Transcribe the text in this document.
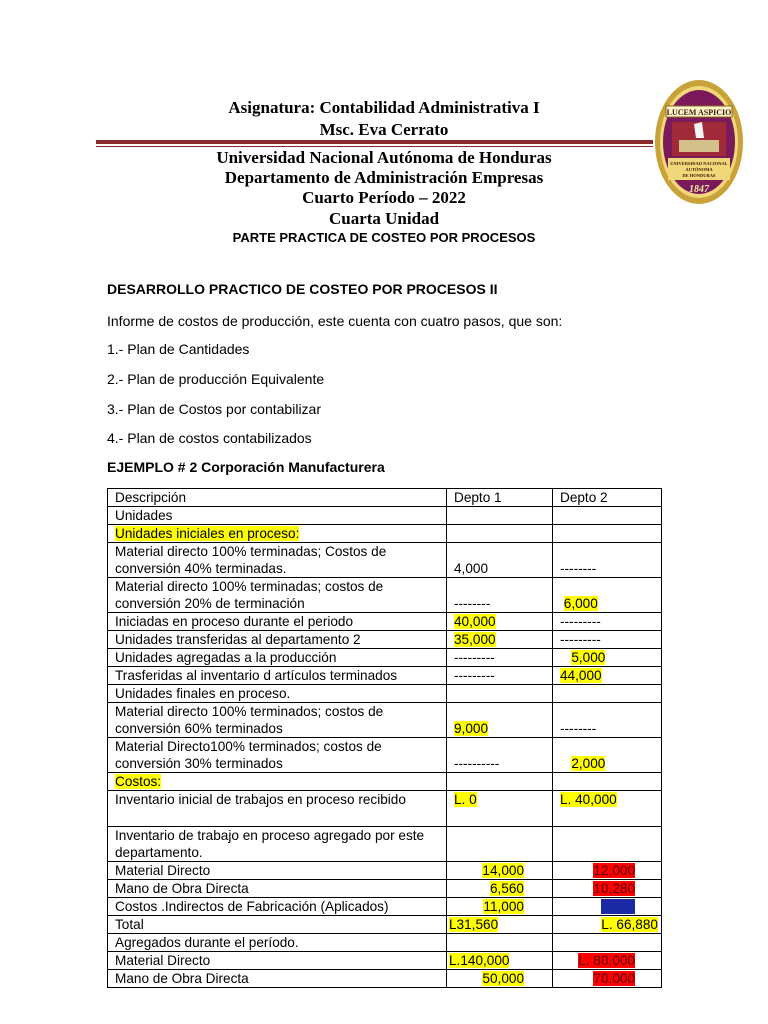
Asignatura: Contabilidad Administrativa I
Msc. Eva Cerrato
Universidad Nacional Autónoma de Honduras
Departamento de Administración Empresas
Cuarto Período – 2022
Cuarta Unidad
PARTE PRACTICA DE COSTEO POR PROCESOS
LUCEM ASPICIO
UNIVERSIDAD NACIONAL
AUTÓNOMA
DE HONDURAS
1847
DESARROLLO PRACTICO DE COSTEO POR PROCESOS II
Informe de costos de producción, este cuenta con cuatro pasos, que son:
1.- Plan de Cantidades
2.- Plan de producción Equivalente
3.- Plan de Costos por contabilizar
4.- Plan de costos contabilizados
EJEMPLO # 2 Corporación Manufacturera
Descripción	Depto 1	Depto 2
Unidades		
Unidades iniciales en proceso:		
Material directo 100% terminadas; Costos de conversión 40% terminadas.	4,000	--------
Material directo 100% terminadas; costos de conversión 20% de terminación	--------	6,000
Iniciadas en proceso durante el periodo	40,000	---------
Unidades transferidas al departamento 2	35,000	---------
Unidades agregadas a la producción	---------	5,000
Trasferidas al inventario d artículos terminados	---------	44,000
Unidades finales en proceso.		
Material directo 100% terminados; costos de conversión 60% terminados	9,000	--------
Material Directo100% terminados; costos de conversión 30% terminados	----------	2,000
Costos:		
Inventario inicial de trabajos en proceso recibido	L. 0	L. 40,000
Inventario de trabajo en proceso agregado por este departamento.		
Material Directo	14,000	12,000
Mano de Obra Directa	6,560	10,280
Costos .Indirectos de Fabricación (Aplicados)	11,000	4,600
Total	L31,560	L. 66,880
Agregados durante el período.		
Material Directo	L.140,000	L. 80,000
Mano de Obra Directa	50,000	70,000
